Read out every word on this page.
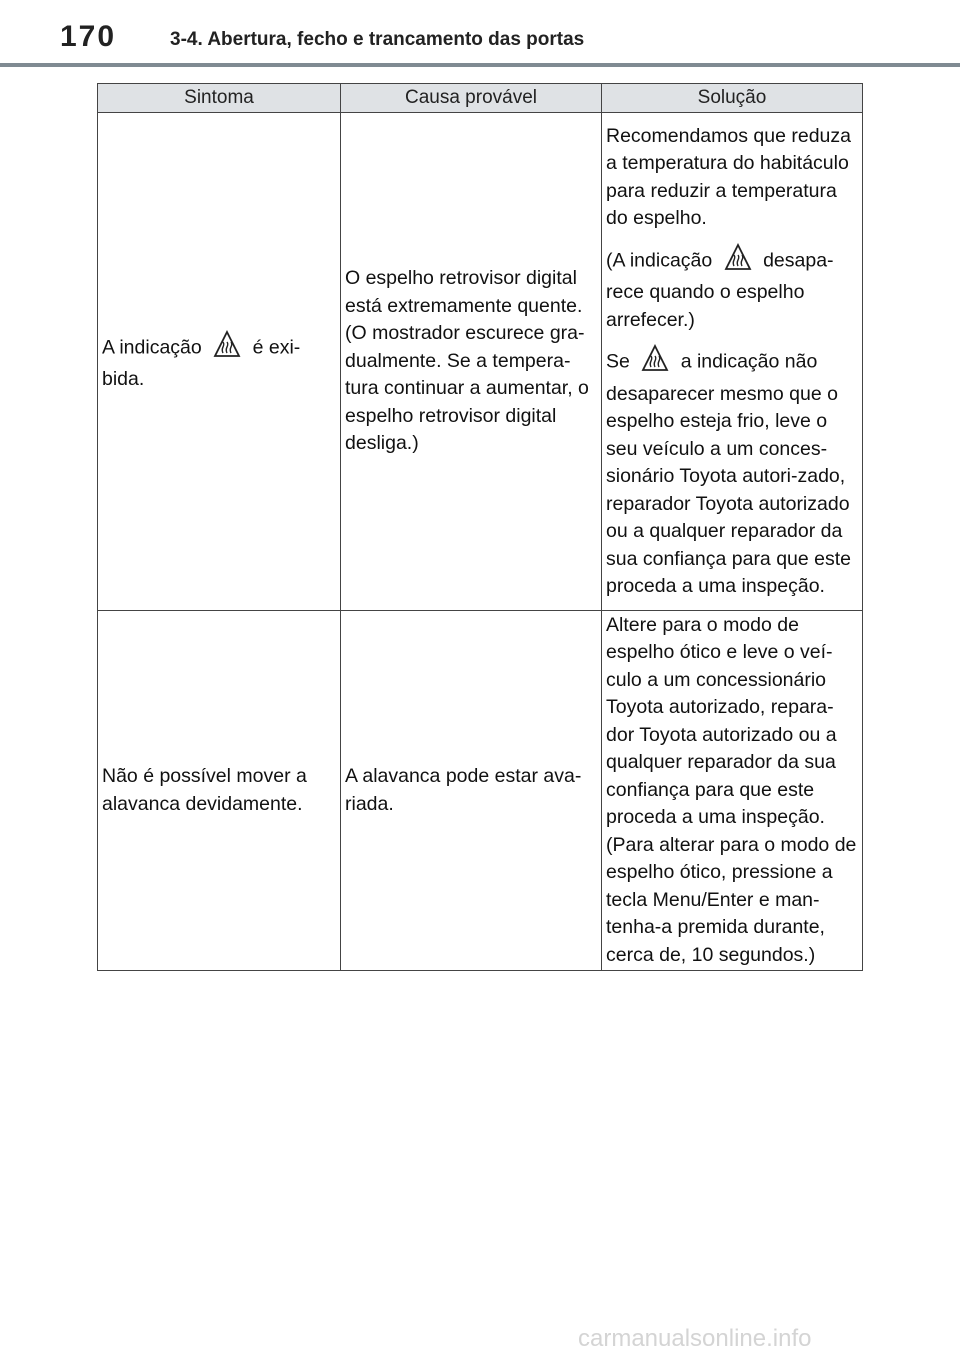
170	3-4. Abertura, fecho e trancamento das portas
Sintoma	Causa provável	Solução
A indicação é exi-bida.	O espelho retrovisor digital está extremamente quente. (O mostrador escurece gra-dualmente. Se a tempera-tura continuar a aumentar, o espelho retrovisor digital desliga.)	Recomendamos que reduza a temperatura do habitáculo para reduzir a temperatura do espelho.

(A indicação desapa-rece quando o espelho arrefecer.)

Se a indicação não desaparecer mesmo que o espelho esteja frio, leve o seu veículo a um conces-sionário Toyota autori-zado, reparador Toyota autorizado ou a qualquer reparador da sua confiança para que este proceda a uma inspeção.

Não é possível mover a alavanca devidamente.	A alavanca pode estar ava-riada.	Altere para o modo de espelho ótico e leve o veí-culo a um concessionário Toyota autorizado, repara-dor Toyota autorizado ou a qualquer reparador da sua confiança para que este proceda a uma inspeção. (Para alterar para o modo de espelho ótico, pressione a tecla Menu/Enter e man-tenha-a premida durante, cerca de, 10 segundos.)
carmanualsonline.info
